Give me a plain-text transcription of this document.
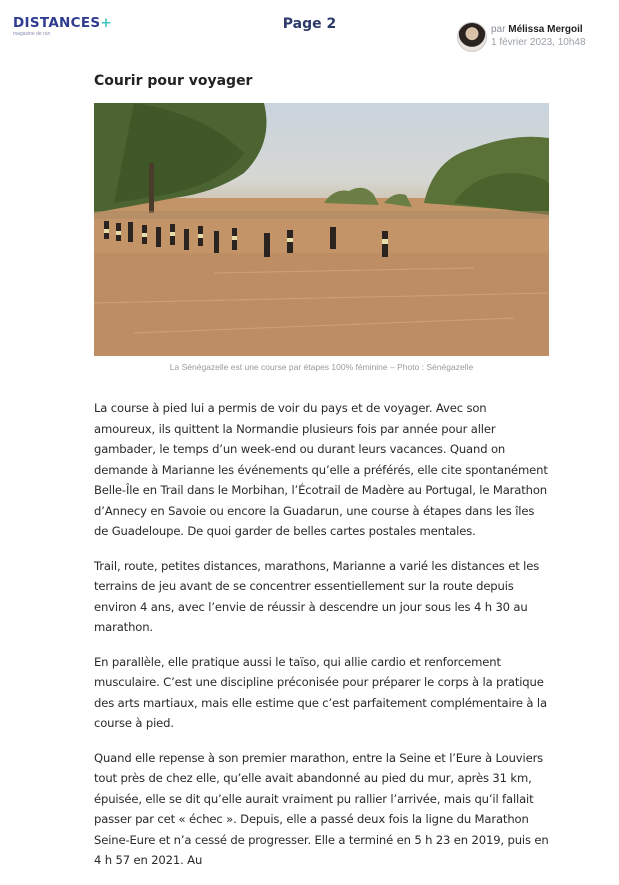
DISTANCES+
magazine de run
Page 2	par Mélissa Mergoil
1 février 2023, 10h48
Courir pour voyager
La Sénégazelle est une course par étapes 100% féminine – Photo : Sénégazelle

La course à pied lui a permis de voir du pays et de voyager. Avec son amoureux, ils quittent la Normandie plusieurs fois par année pour aller gambader, le temps d’un week-end ou durant leurs vacances. Quand on demande à Marianne les événements qu’elle a préférés, elle cite spontanément Belle-Île en Trail dans le Morbihan, l’Écotrail de Madère au Portugal, le Marathon d’Annecy en Savoie ou encore la Guadarun, une course à étapes dans les îles de Guadeloupe. De quoi garder de belles cartes postales mentales.

Trail, route, petites distances, marathons, Marianne a varié les distances et les terrains de jeu avant de se concentrer essentiellement sur la route depuis environ 4 ans, avec l’envie de réussir à descendre un jour sous les 4 h 30 au marathon.

En parallèle, elle pratique aussi le taïso, qui allie cardio et renforcement musculaire. C’est une discipline préconisée pour préparer le corps à la pratique des arts martiaux, mais elle estime que c’est parfaitement complémentaire à la course à pied.

Quand elle repense à son premier marathon, entre la Seine et l’Eure à Louviers tout près de chez elle, qu’elle avait abandonné au pied du mur, après 31 km, épuisée, elle se dit qu’elle aurait vraiment pu rallier l’arrivée, mais qu’il fallait passer par cet « échec ». Depuis, elle a passé deux fois la ligne du Marathon Seine-Eure et n’a cessé de progresser. Elle a terminé en 5 h 23 en 2019, puis en 4 h 57 en 2021. Au
